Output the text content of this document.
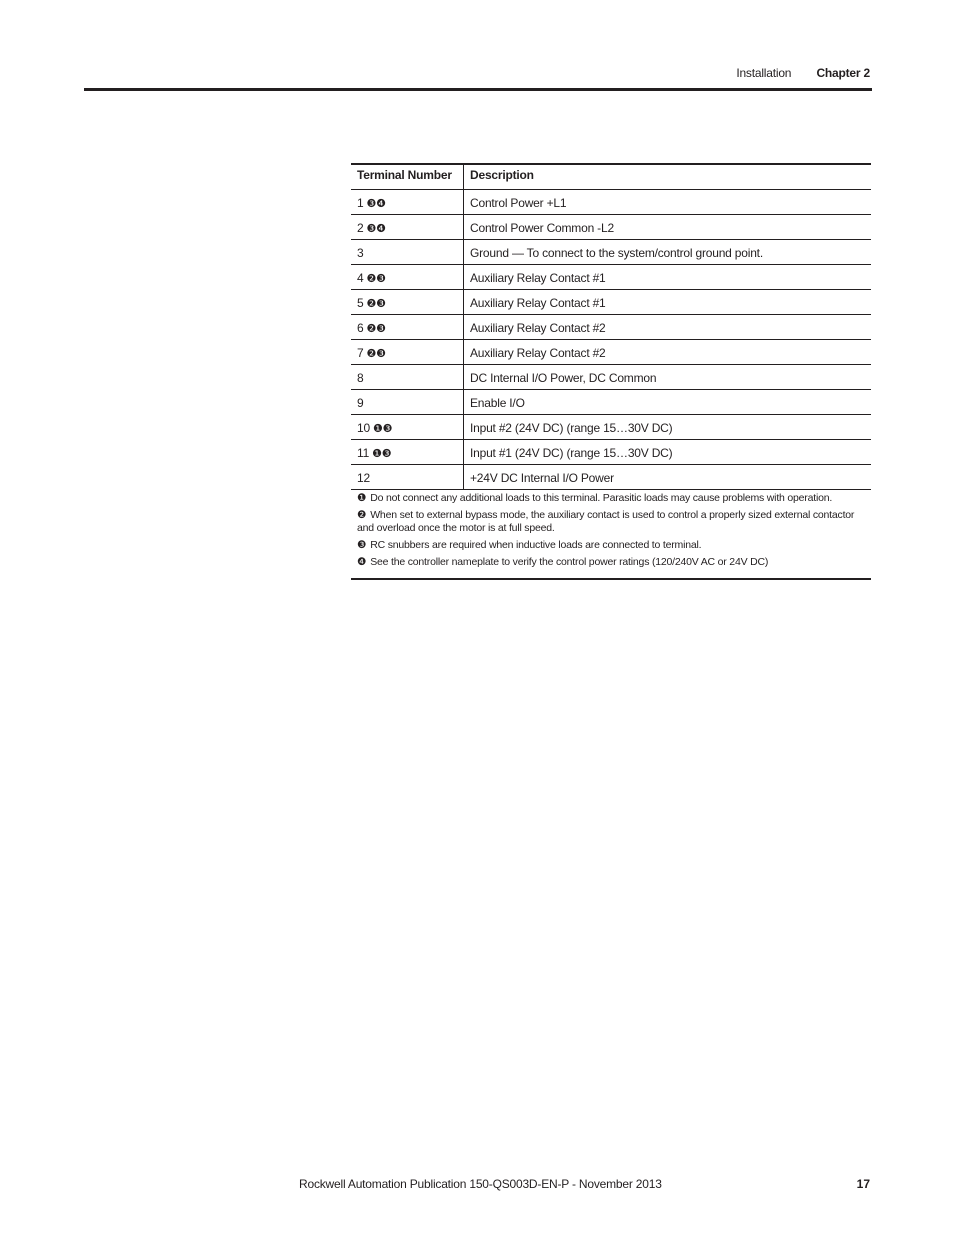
Installation Chapter 2
Terminal Number	Description
1 ❸❹	Control Power +L1
2 ❸❹	Control Power Common -L2
3	Ground — To connect to the system/control ground point.
4 ❷❸	Auxiliary Relay Contact #1
5 ❷❸	Auxiliary Relay Contact #1
6 ❷❸	Auxiliary Relay Contact #2
7 ❷❸	Auxiliary Relay Contact #2
8	DC Internal I/O Power, DC Common
9	Enable I/O
10 ❶❸	Input #2 (24V DC) (range 15…30V DC)
11 ❶❸	Input #1 (24V DC) (range 15…30V DC)
12	+24V DC Internal I/O Power
❶ Do not connect any additional loads to this terminal. Parasitic loads may cause problems with operation.
❷ When set to external bypass mode, the auxiliary contact is used to control a properly sized external contactor and overload once the motor is at full speed.
❸ RC snubbers are required when inductive loads are connected to terminal.
❹ See the controller nameplate to verify the control power ratings (120/240V AC or 24V DC)
Rockwell Automation Publication 150-QS003D-EN-P - November 2013	17
